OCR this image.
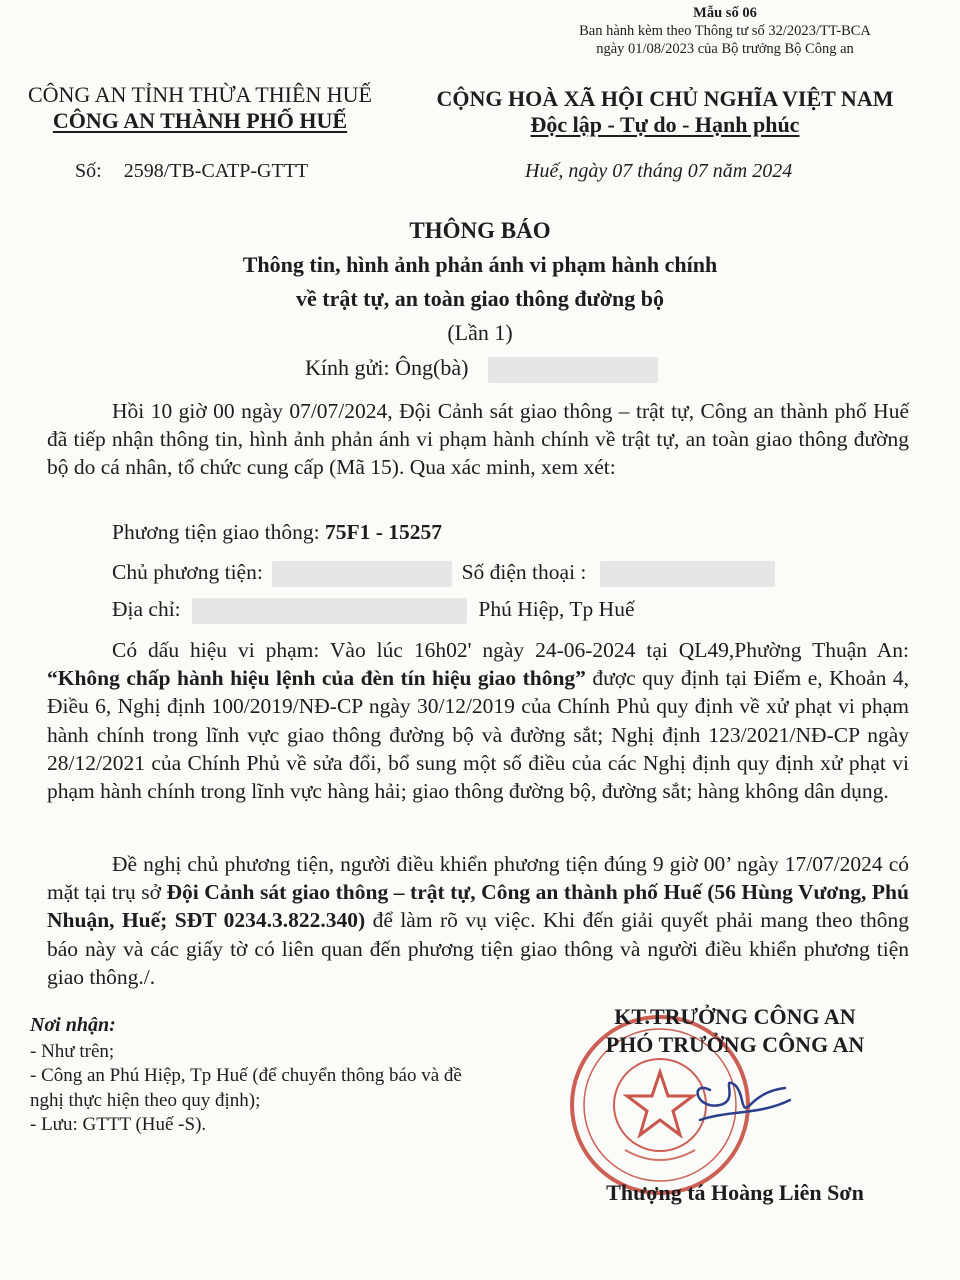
Mẫu số 06
Ban hành kèm theo Thông tư số 32/2023/TT-BCA
ngày 01/08/2023 của Bộ trưởng Bộ Công an
CÔNG AN TỈNH THỪA THIÊN HUẾ
CÔNG AN THÀNH PHỐ HUẾ
CỘNG HOÀ XÃ HỘI CHỦ NGHĨA VIỆT NAM
Độc lập - Tự do - Hạnh phúc
Số: 2598/TB-CATP-GTTT	Huế, ngày 07 tháng 07 năm 2024
THÔNG BÁO
Thông tin, hình ảnh phản ánh vi phạm hành chính
về trật tự, an toàn giao thông đường bộ
(Lần 1)
Kính gửi: Ông(bà)
Hồi 10 giờ 00 ngày 07/07/2024, Đội Cảnh sát giao thông – trật tự, Công an thành phố Huế đã tiếp nhận thông tin, hình ảnh phản ánh vi phạm hành chính về trật tự, an toàn giao thông đường bộ do cá nhân, tổ chức cung cấp (Mã 15). Qua xác minh, xem xét:
Phương tiện giao thông: 75F1 - 15257
Chủ phương tiện:	Số điện thoại :
Địa chỉ:	Phú Hiệp, Tp Huế
Có dấu hiệu vi phạm: Vào lúc 16h02' ngày 24-06-2024 tại QL49,Phường Thuận An: “Không chấp hành hiệu lệnh của đèn tín hiệu giao thông” được quy định tại Điểm e, Khoản 4, Điều 6, Nghị định 100/2019/NĐ-CP ngày 30/12/2019 của Chính Phủ quy định về xử phạt vi phạm hành chính trong lĩnh vực giao thông đường bộ và đường sắt; Nghị định 123/2021/NĐ-CP ngày 28/12/2021 của Chính Phủ về sửa đổi, bổ sung một số điều của các Nghị định quy định xử phạt vi phạm hành chính trong lĩnh vực hàng hải; giao thông đường bộ, đường sắt; hàng không dân dụng.
Đề nghị chủ phương tiện, người điều khiển phương tiện đúng 9 giờ 00’ ngày 17/07/2024 có mặt tại trụ sở Đội Cảnh sát giao thông – trật tự, Công an thành phố Huế (56 Hùng Vương, Phú Nhuận, Huế; SĐT 0234.3.822.340) để làm rõ vụ việc. Khi đến giải quyết phải mang theo thông báo này và các giấy tờ có liên quan đến phương tiện giao thông và người điều khiển phương tiện giao thông./.
Nơi nhận:
- Như trên;
- Công an Phú Hiệp, Tp Huế (để chuyển thông báo và đề nghị thực hiện theo quy định);
- Lưu: GTTT (Huế -S).
KT.TRƯỞNG CÔNG AN
PHÓ TRƯỞNG CÔNG AN
Thượng tá Hoàng Liên Sơn
